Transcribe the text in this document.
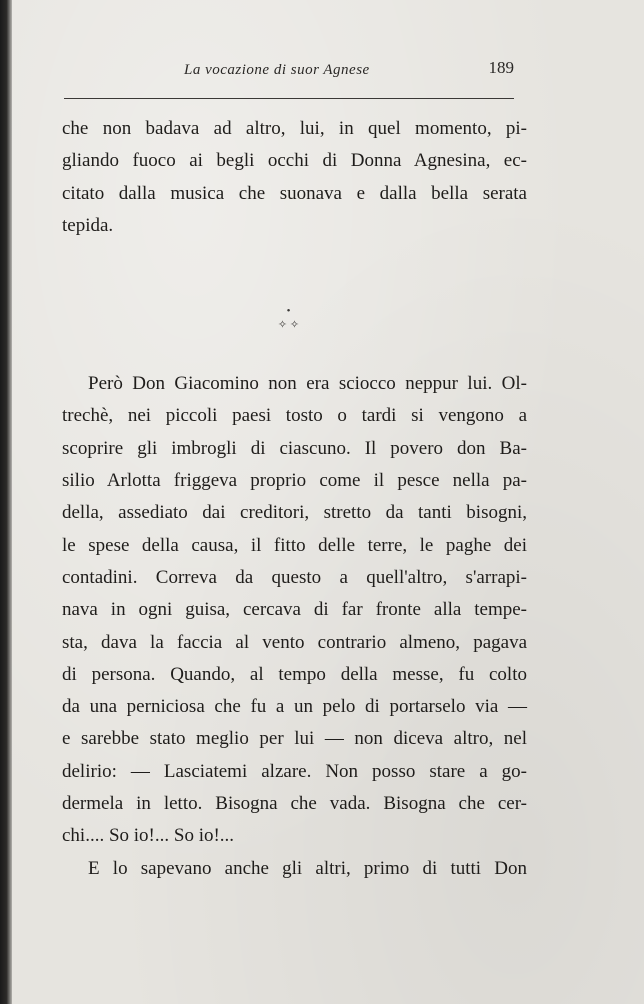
La vocazione di suor Agnese	189
che non badava ad altro, lui, in quel momento, pi-
gliando fuoco ai begli occhi di Donna Agnesina, ec-
citato dalla musica che suonava e dalla bella serata
tepida.
•
✧ ✧
Però Don Giacomino non era sciocco neppur lui. Ol-
trechè, nei piccoli paesi tosto o tardi si vengono a
scoprire gli imbrogli di ciascuno. Il povero don Ba-
silio Arlotta friggeva proprio come il pesce nella pa-
della, assediato dai creditori, stretto da tanti bisogni,
le spese della causa, il fitto delle terre, le paghe dei
contadini. Correva da questo a quell'altro, s'arrapi-
nava in ogni guisa, cercava di far fronte alla tempe-
sta, dava la faccia al vento contrario almeno, pagava
di persona. Quando, al tempo della messe, fu colto
da una perniciosa che fu a un pelo di portarselo via —
e sarebbe stato meglio per lui — non diceva altro, nel
delirio: — Lasciatemi alzare. Non posso stare a go-
dermela in letto. Bisogna che vada. Bisogna che cer-
chi.... So io!... So io!...
E lo sapevano anche gli altri, primo di tutti Don
